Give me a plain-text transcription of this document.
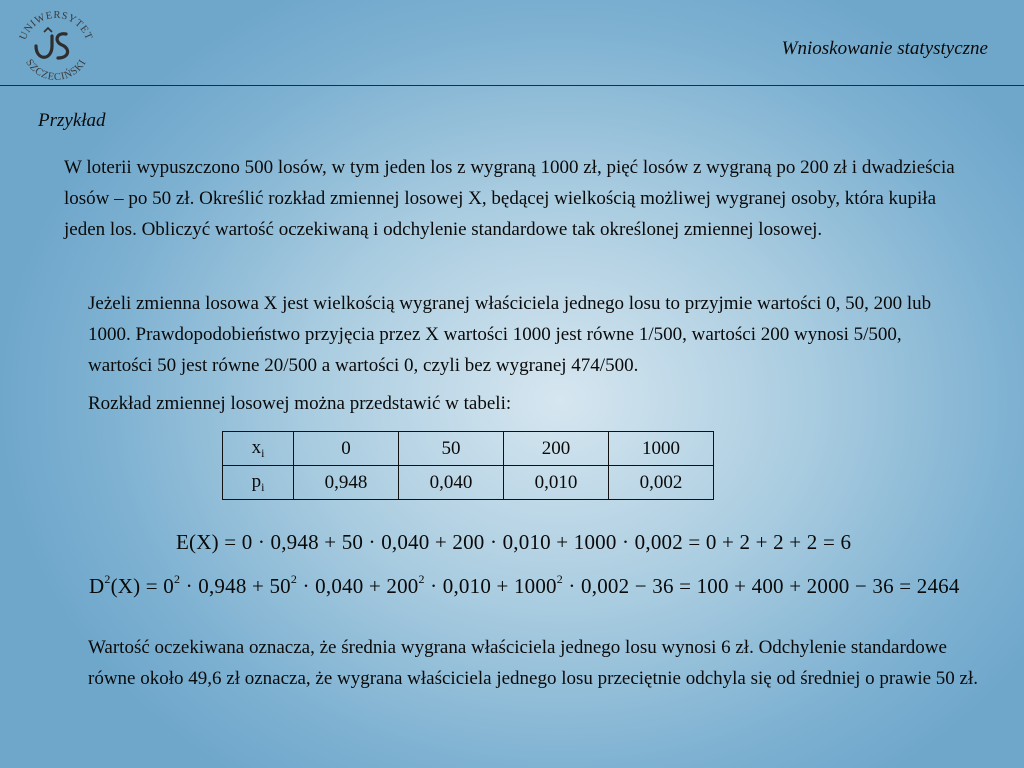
UNIWERSYTET
SZCZECIŃSKI
Wnioskowanie statystyczne
Przykład
W loterii wypuszczono 500 losów, w tym jeden los z wygraną 1000 zł, pięć losów z wygraną po 200 zł i dwadzieścia losów – po 50 zł. Określić rozkład zmiennej losowej X, będącej wielkością możliwej wygranej osoby, która kupiła jeden los. Obliczyć wartość oczekiwaną i odchylenie standardowe tak określonej zmiennej losowej.
Jeżeli zmienna losowa X jest wielkością wygranej właściciela jednego losu to przyjmie wartości 0, 50, 200 lub 1000. Prawdopodobieństwo przyjęcia przez X wartości 1000 jest równe 1/500, wartości 200 wynosi 5/500, wartości 50 jest równe 20/500 a wartości 0, czyli bez wygranej 474/500.
Rozkład zmiennej losowej można przedstawić w tabeli:
$x_i$	0	50	200	1000
$p_i$	0,948	0,040	0,010	0,002
E(X) = 0 · 0,948 + 50 · 0,040 + 200 · 0,010 + 1000 · 0,002 = 0 + 2 + 2 + 2 = 6
$D^2(X) = 0^2 \cdot 0,948 + 50^2 \cdot 0,040 + 200^2 \cdot 0,010 + 1000^2 \cdot 0,002 - 36 = 100 + 400 + 2000 - 36 = 2464$
Wartość oczekiwana oznacza, że średnia wygrana właściciela jednego losu wynosi 6 zł. Odchylenie standardowe równe około 49,6 zł oznacza, że wygrana właściciela jednego losu przeciętnie odchyla się od średniej o prawie 50 zł.
